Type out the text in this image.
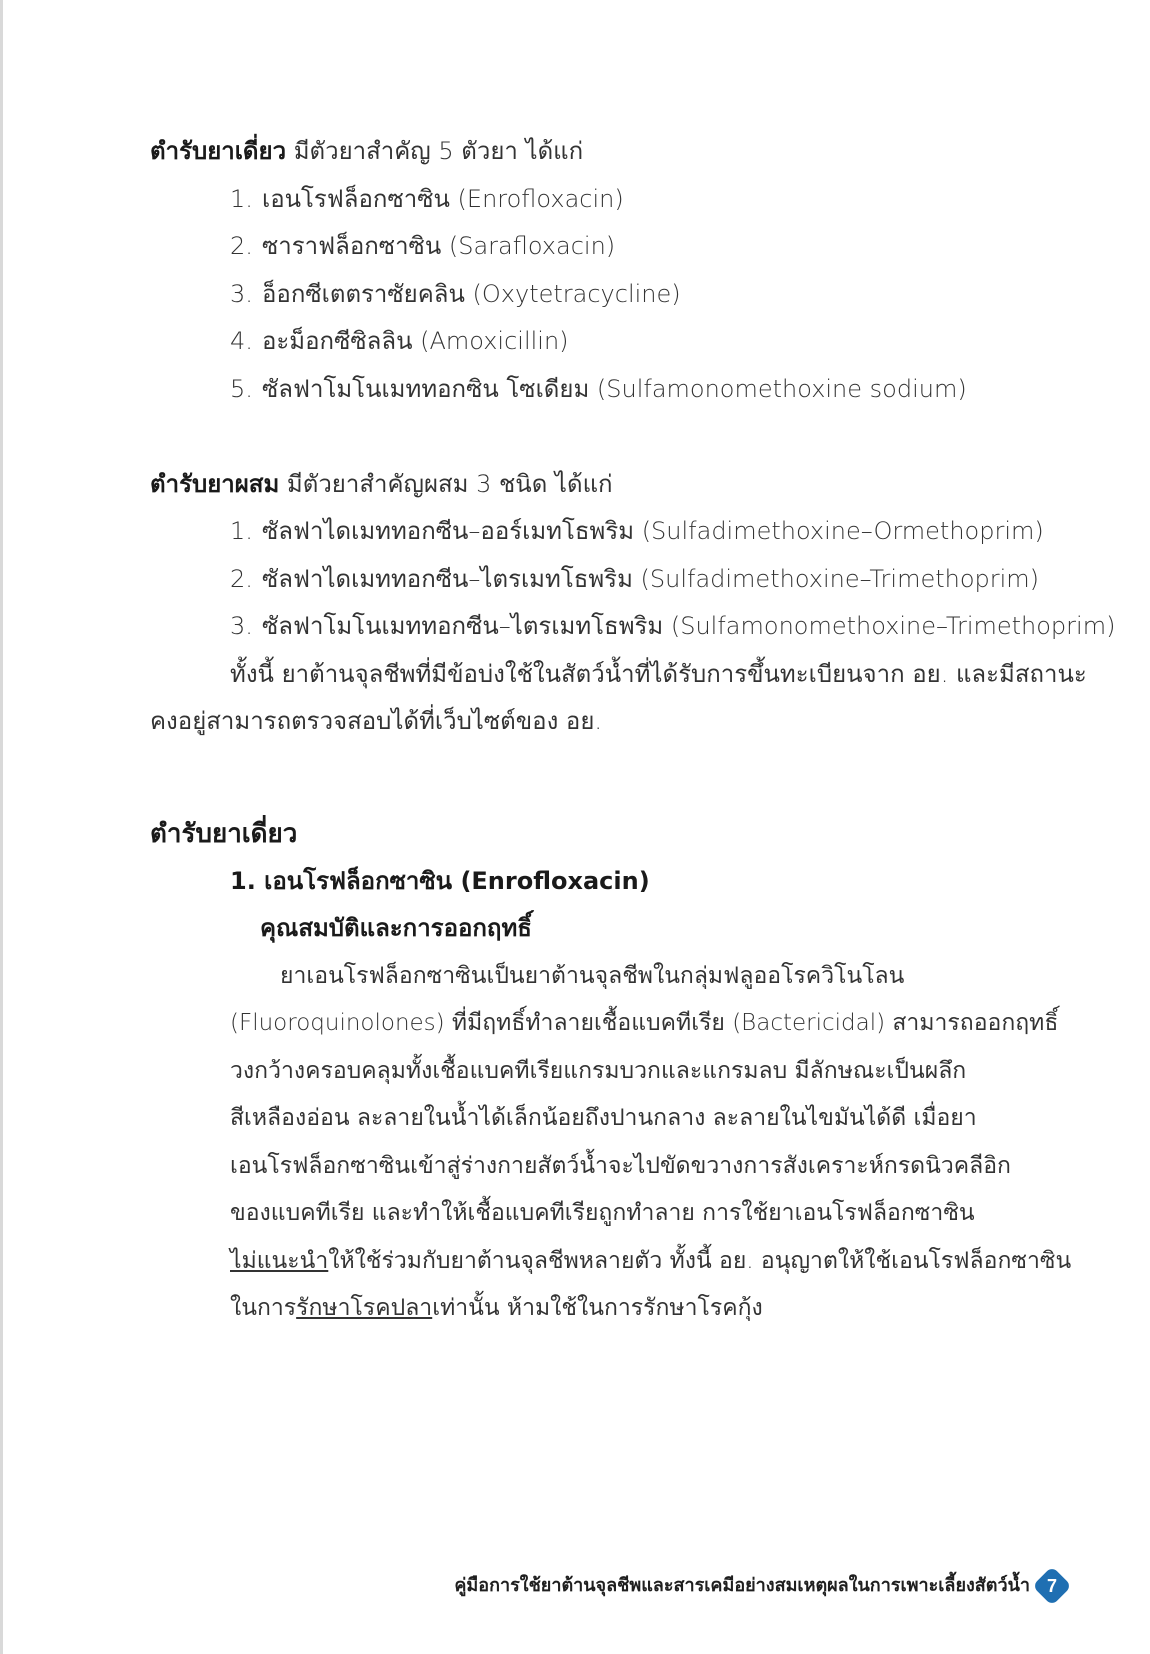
ตำรับยาเดี่ยว มีตัวยาสำคัญ 5 ตัวยา ได้แก่
1. เอนโรฟล็อกซาซิน (Enrofloxacin)
2. ซาราฟล็อกซาซิน (Sarafloxacin)
3. อ็อกซีเตตราซัยคลิน (Oxytetracycline)
4. อะม็อกซีซิลลิน (Amoxicillin)
5. ซัลฟาโมโนเมททอกซิน โซเดียม (Sulfamonomethoxine sodium)
ตำรับยาผสม มีตัวยาสำคัญผสม 3 ชนิด ได้แก่
1. ซัลฟาไดเมททอกซีน–ออร์เมทโธพริม (Sulfadimethoxine–Ormethoprim)
2. ซัลฟาไดเมททอกซีน–ไตรเมทโธพริม (Sulfadimethoxine–Trimethoprim)
3. ซัลฟาโมโนเมททอกซีน–ไตรเมทโธพริม (Sulfamonomethoxine–Trimethoprim)
ทั้งนี้ ยาต้านจุลชีพที่มีข้อบ่งใช้ในสัตว์น้ำที่ได้รับการขึ้นทะเบียนจาก อย. และมีสถานะ
คงอยู่สามารถตรวจสอบได้ที่เว็บไซต์ของ อย.
ตำรับยาเดี่ยว
1. เอนโรฟล็อกซาซิน (Enrofloxacin)
คุณสมบัติและการออกฤทธิ์
ยาเอนโรฟล็อกซาซินเป็นยาต้านจุลชีพในกลุ่มฟลูออโรควิโนโลน
(Fluoroquinolones) ที่มีฤทธิ์ทำลายเชื้อแบคทีเรีย (Bactericidal) สามารถออกฤทธิ์
วงกว้างครอบคลุมทั้งเชื้อแบคทีเรียแกรมบวกและแกรมลบ มีลักษณะเป็นผลึก
สีเหลืองอ่อน ละลายในน้ำได้เล็กน้อยถึงปานกลาง ละลายในไขมันได้ดี เมื่อยา
เอนโรฟล็อกซาซินเข้าสู่ร่างกายสัตว์น้ำจะไปขัดขวางการสังเคราะห์กรดนิวคลีอิก
ของแบคทีเรีย และทำให้เชื้อแบคทีเรียถูกทำลาย การใช้ยาเอนโรฟล็อกซาซิน
ไม่แนะนำให้ใช้ร่วมกับยาต้านจุลชีพหลายตัว ทั้งนี้ อย. อนุญาตให้ใช้เอนโรฟล็อกซาซิน
ในการรักษาโรคปลาเท่านั้น ห้ามใช้ในการรักษาโรคกุ้ง
คู่มือการใช้ยาต้านจุลชีพและสารเคมีอย่างสมเหตุผลในการเพาะเลี้ยงสัตว์น้ำ 7
